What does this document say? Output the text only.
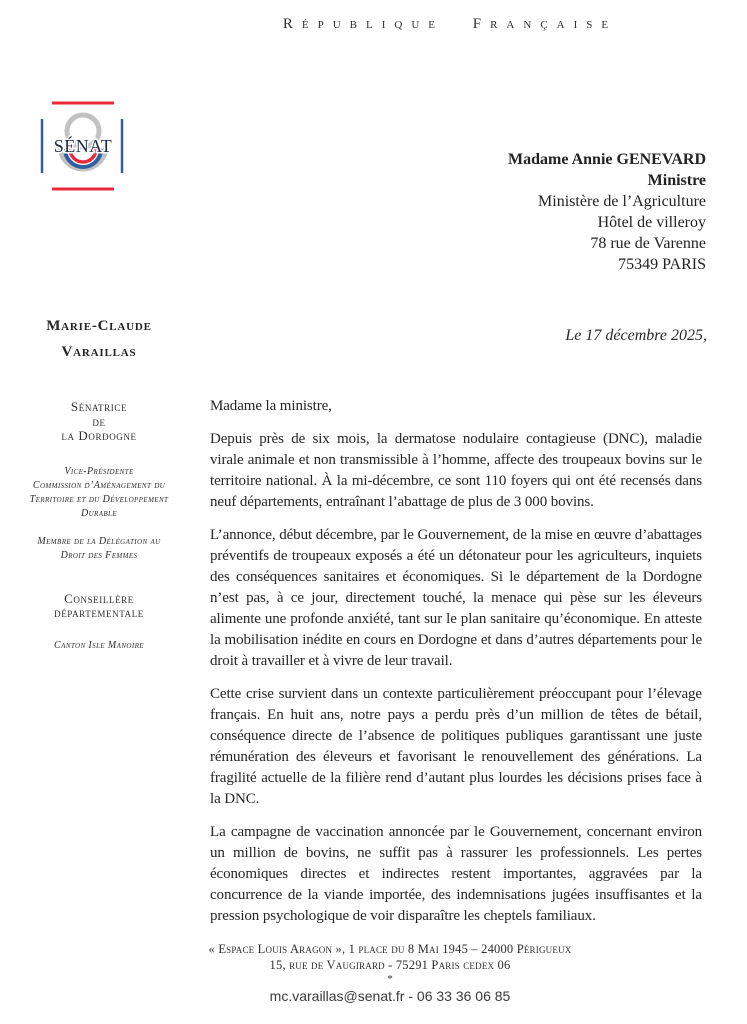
République Française
SÉNAT
Madame Annie GENEVARD
Ministre
Ministère de l’Agriculture
Hôtel de villeroy
78 rue de Varenne
75349 PARIS
Marie-Claude
Varaillas
Le 17 décembre 2025,
Sénatrice
de
la Dordogne
Vice-Présidente
Commission d’Aménagement du
Territoire et du Développement
Durable
Membre de la Délégation au
Droit des Femmes
Conseillère
départementale
Canton Isle Manoire

Madame la ministre,

Depuis près de six mois, la dermatose nodulaire contagieuse (DNC), maladie virale animale et non transmissible à l’homme, affecte des troupeaux bovins sur le territoire national. À la mi-décembre, ce sont 110 foyers qui ont été recensés dans neuf départements, entraînant l’abattage de plus de 3 000 bovins.

L’annonce, début décembre, par le Gouvernement, de la mise en œuvre d’abattages préventifs de troupeaux exposés a été un détonateur pour les agriculteurs, inquiets des conséquences sanitaires et économiques. Si le département de la Dordogne n’est pas, à ce jour, directement touché, la menace qui pèse sur les éleveurs alimente une profonde anxiété, tant sur le plan sanitaire qu’économique. En atteste la mobilisation inédite en cours en Dordogne et dans d’autres départements pour le droit à travailler et à vivre de leur travail.

Cette crise survient dans un contexte particulièrement préoccupant pour l’élevage français. En huit ans, notre pays a perdu près d’un million de têtes de bétail, conséquence directe de l’absence de politiques publiques garantissant une juste rémunération des éleveurs et favorisant le renouvellement des générations. La fragilité actuelle de la filière rend d’autant plus lourdes les décisions prises face à la DNC.

La campagne de vaccination annoncée par le Gouvernement, concernant environ un million de bovins, ne suffit pas à rassurer les professionnels. Les pertes économiques directes et indirectes restent importantes, aggravées par la concurrence de la viande importée, des indemnisations jugées insuffisantes et la pression psychologique de voir disparaître les cheptels familiaux.

« Espace Louis Aragon », 1 place du 8 Mai 1945 – 24000 Périgueux
15, rue de Vaugirard - 75291 Paris cedex 06
*
mc.varaillas@senat.fr - 06 33 36 06 85
